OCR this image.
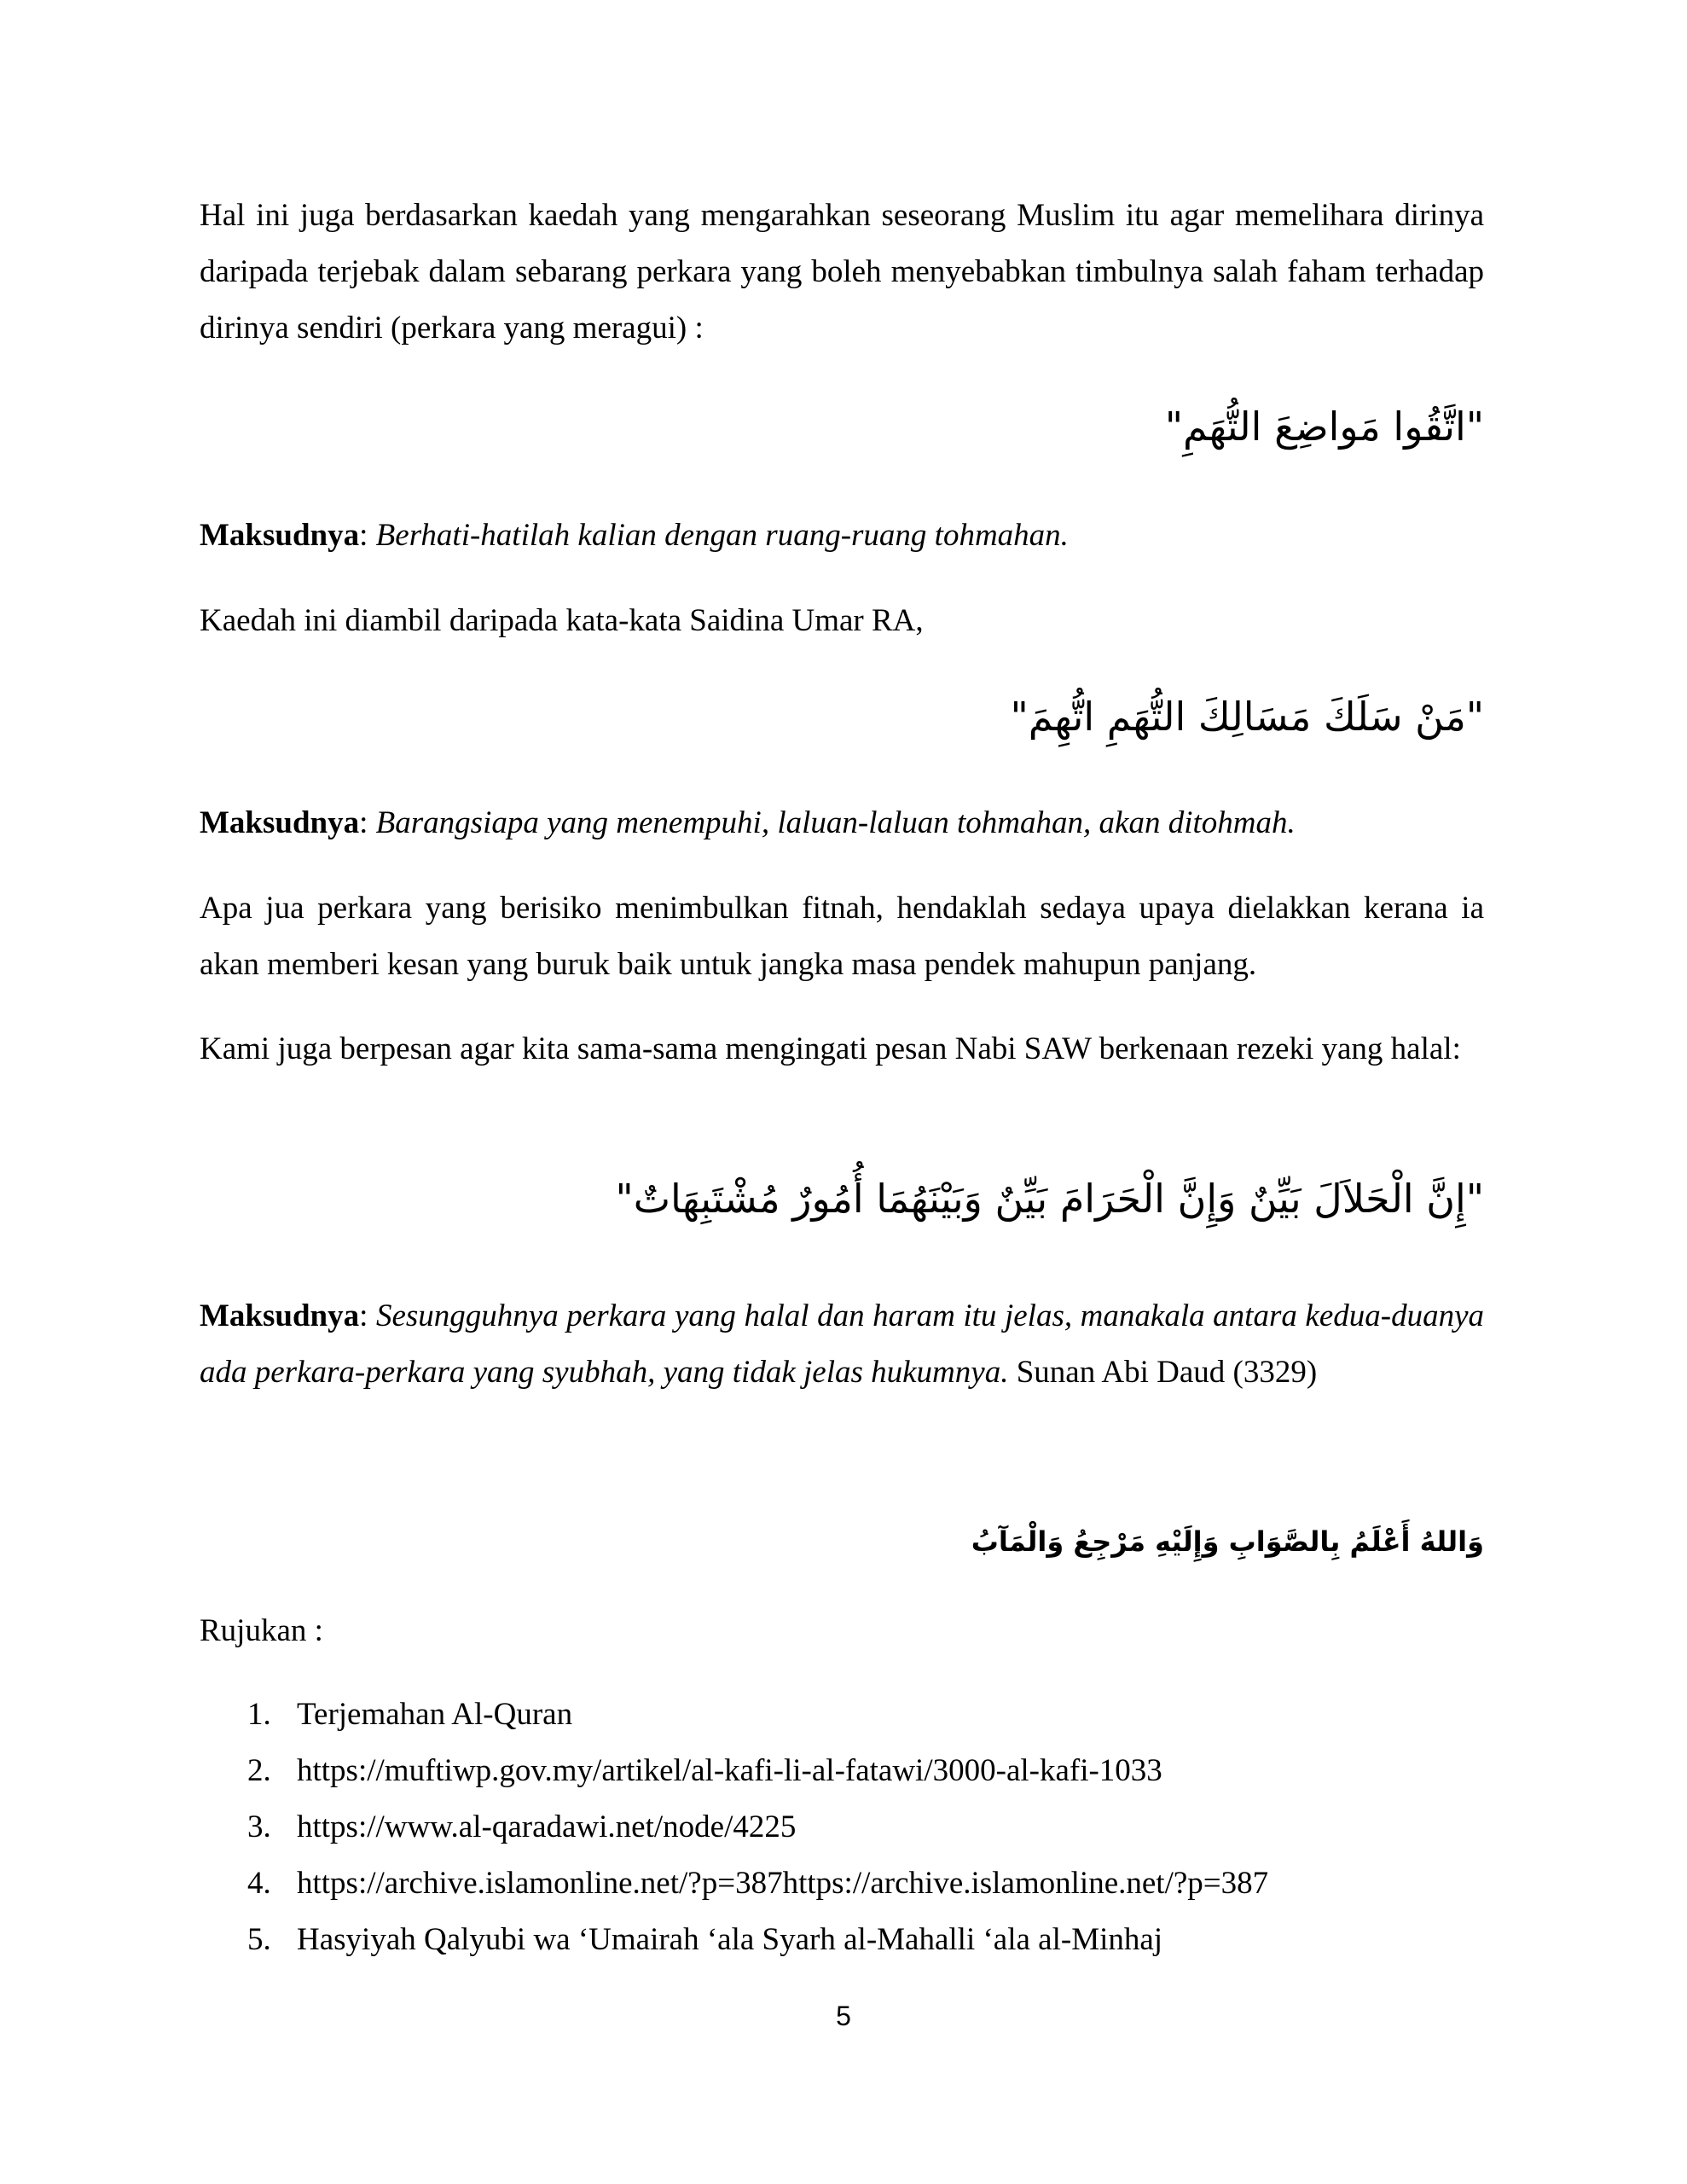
Hal ini juga berdasarkan kaedah yang mengarahkan seseorang Muslim itu agar memelihara dirinya daripada terjebak dalam sebarang perkara yang boleh menyebabkan timbulnya salah faham terhadap dirinya sendiri (perkara yang meragui) :

"اتَّقُوا مَواضِعَ التُّهَمِ"
Maksudnya: Berhati-hatilah kalian dengan ruang-ruang tohmahan.
Kaedah ini diambil daripada kata-kata Saidina Umar RA,
"مَنْ سَلَكَ مَسَالِكَ التُّهَمِ اتُّهِمَ"
Maksudnya: Barangsiapa yang menempuhi, laluan-laluan tohmahan, akan ditohmah.

Apa jua perkara yang berisiko menimbulkan fitnah, hendaklah sedaya upaya dielakkan kerana ia akan memberi kesan yang buruk baik untuk jangka masa pendek mahupun panjang.

Kami juga berpesan agar kita sama-sama mengingati pesan Nabi SAW berkenaan rezeki yang halal:

"إِنَّ الْحَلاَلَ بَيِّنٌ وَإِنَّ الْحَرَامَ بَيِّنٌ وَبَيْنَهُمَا أُمُورٌ مُشْتَبِهَاتٌ"

Maksudnya: Sesungguhnya perkara yang halal dan haram itu jelas, manakala antara kedua-duanya ada perkara-perkara yang syubhah, yang tidak jelas hukumnya. Sunan Abi Daud (3329)

وَاللهُ أَعْلَمُ بِالصَّوَابِ وَإِلَيْهِ مَرْجِعُ وَالْمَآبُ
Rujukan :
1. Terjemahan Al-Quran
2. https://muftiwp.gov.my/artikel/al-kafi-li-al-fatawi/3000-al-kafi-1033
3. https://www.al-qaradawi.net/node/4225
4. https://archive.islamonline.net/?p=387https://archive.islamonline.net/?p=387
5. Hasyiyah Qalyubi wa ‘Umairah ‘ala Syarh al-Mahalli ‘ala al-Minhaj
5
